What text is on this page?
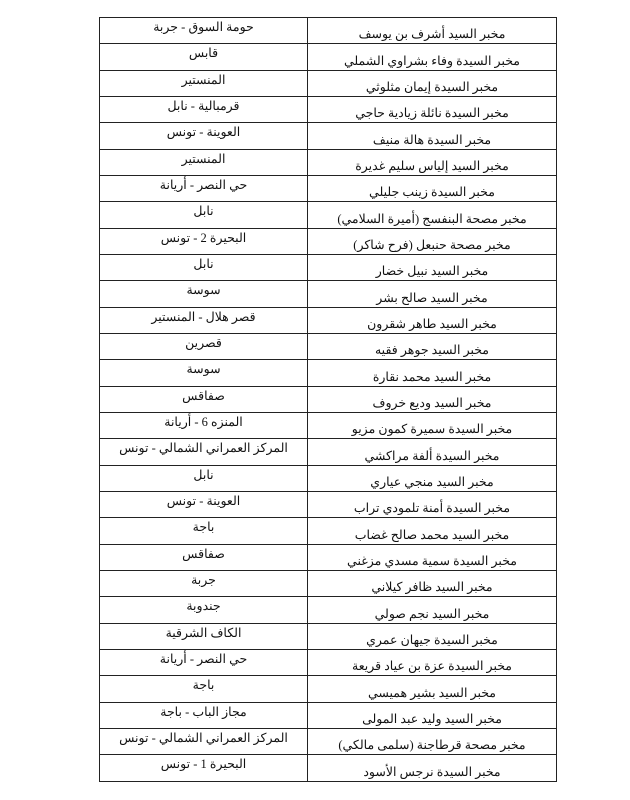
مخبر السيد أشرف بن يوسف	حومة السوق - جربة
مخبر السيدة وفاء بشراوي الشملي	قابس
مخبر السيدة إيمان مثلوثي	المنستير
مخبر السيدة نائلة زيادية حاجي	قرمبالية - نابل
مخبر السيدة هالة منيف	العوينة - تونس
مخبر السيد إلياس سليم غديرة	المنستير
مخبر السيدة زينب جليلي	حي النصر - أريانة
مخبر مصحة البنفسج (أميرة السلامي)	نابل
مخبر مصحة حنبعل (فرح شاكر)	البحيرة 2 - تونس
مخبر السيد نبيل خضار	نابل
مخبر السيد صالح بشر	سوسة
مخبر السيد طاهر شقرون	قصر هلال - المنستير
مخبر السيد جوهر فقيه	قصرين
مخبر السيد محمد نقارة	سوسة
مخبر السيد وديع خروف	صفاقس
مخبر السيدة سميرة كمون مزيو	المنزه 6 - أريانة
مخبر السيدة ألفة مراكشي	المركز العمراني الشمالي - تونس
مخبر السيد منجي عياري	نابل
مخبر السيدة أمنة تلمودي تراب	العوينة - تونس
مخبر السيد محمد صالح غضاب	باجة
مخبر السيدة سمية مسدي مزغني	صفاقس
مخبر السيد ظافر كيلاني	جربة
مخبر السيد نجم صولي	جندوبة
مخبر السيدة جيهان عمري	الكاف الشرقية
مخبر السيدة عزة بن عياد قريعة	حي النصر - أريانة
مخبر السيد بشير هميسي	باجة
مخبر السيد وليد عبد المولى	مجاز الباب - باجة
مخبر مصحة قرطاجنة (سلمى مالكي)	المركز العمراني الشمالي - تونس
مخبر السيدة نرجس الأسود	البحيرة 1 - تونس
